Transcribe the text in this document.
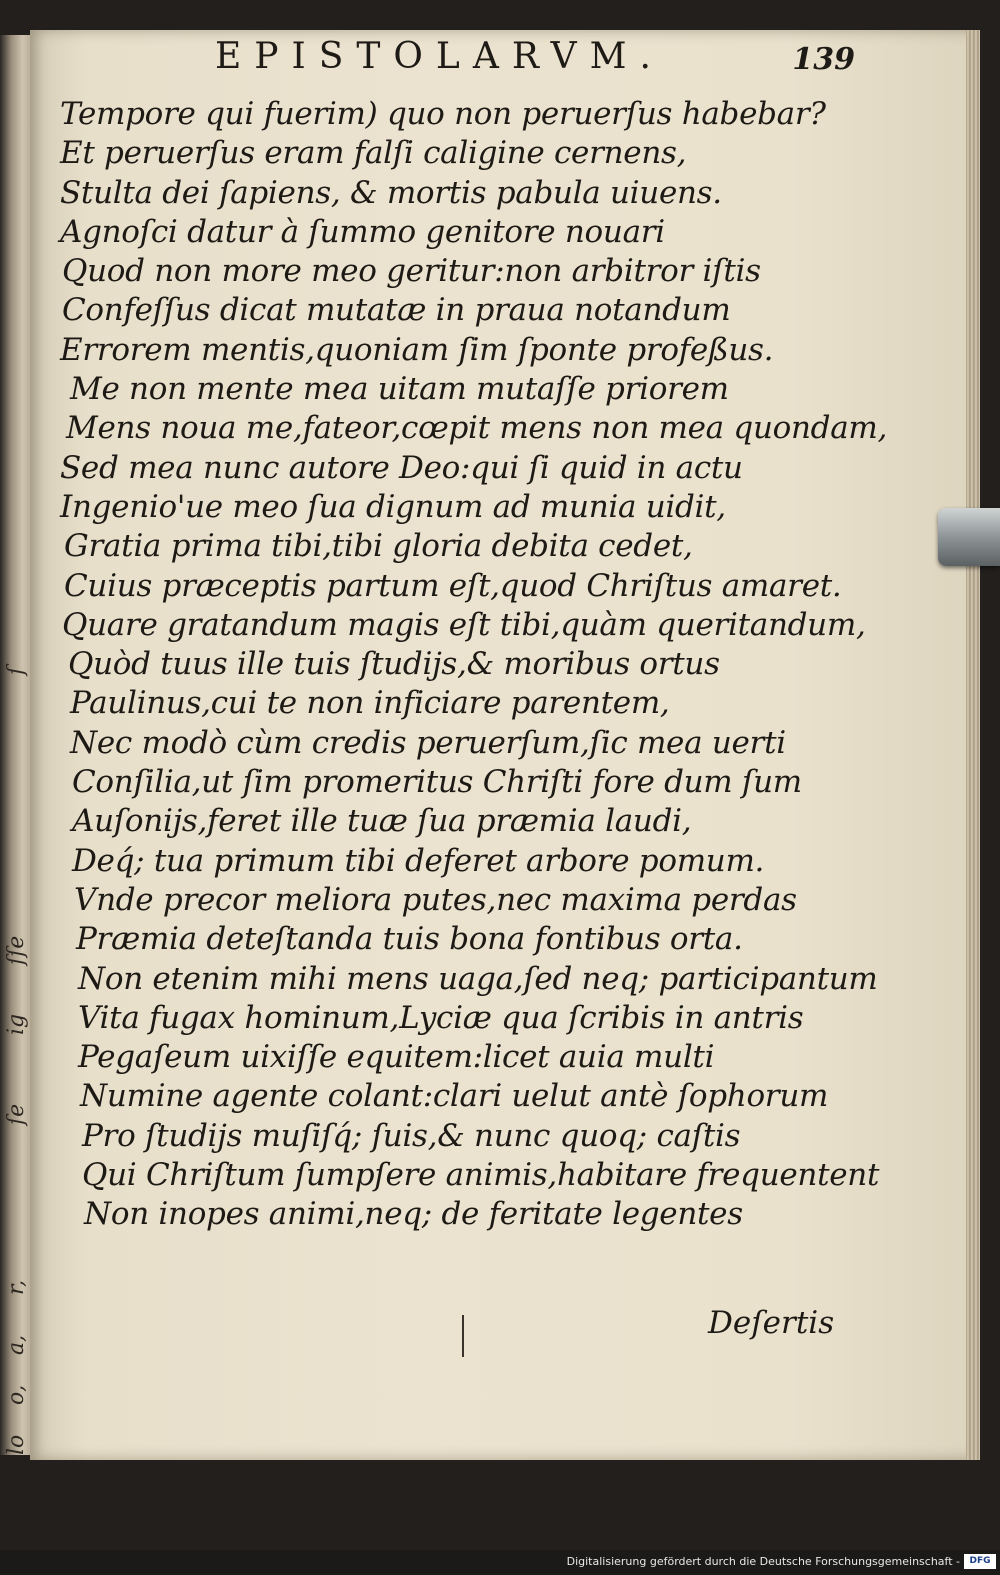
ſ
ſſe
ig
ſe
r,
a,
o,
lo
EPISTOLARVM.	139
Tempore qui fuerim) quo non peruerſus habebar?
Et peruerſus eram falſi caligine cernens,
Stulta dei ſapiens, & mortis pabula uiuens.
Agnoſci datur à ſummo genitore nouari
Quod non more meo geritur:non arbitror iſtis
Confeſſus dicat mutatæ in praua notandum
Errorem mentis,quoniam ſim ſponte profeßus.
Me non mente mea uitam mutaſſe priorem
Mens noua me,fateor,cœpit mens non mea quondam,
Sed mea nunc autore Deo:qui ſi quid in actu
Ingenio'ue meo ſua dignum ad munia uidit,
Gratia prima tibi,tibi gloria debita cedet,
Cuius præceptis partum eſt,quod Chriſtus amaret.
Quare gratandum magis eſt tibi,quàm queritandum,
Quòd tuus ille tuis ſtudijs,& moribus ortus
Paulinus,cui te non inficiare parentem,
Nec modò cùm credis peruerſum,ſic mea uerti
Conſilia,ut ſim promeritus Chriſti fore dum ſum
Auſonijs,feret ille tuæ ſua præmia laudi,
Deq́; tua primum tibi deferet arbore pomum.
Vnde precor meliora putes,nec maxima perdas
Præmia deteſtanda tuis bona fontibus orta.
Non etenim mihi mens uaga,ſed neq; participantum
Vita fugax hominum,Lyciæ qua ſcribis in antris
Pegaſeum uixiſſe equitem:licet auia multi
Numine agente colant:clari uelut antè ſophorum
Pro ſtudijs muſiſq́; ſuis,& nunc quoq; caſtis
Qui Chriſtum ſumpſere animis,habitare frequentent
Non inopes animi,neq; de feritate legentes
Deſertis
Digitalisierung gefördert durch die Deutsche Forschungsgemeinschaft -	DFG
